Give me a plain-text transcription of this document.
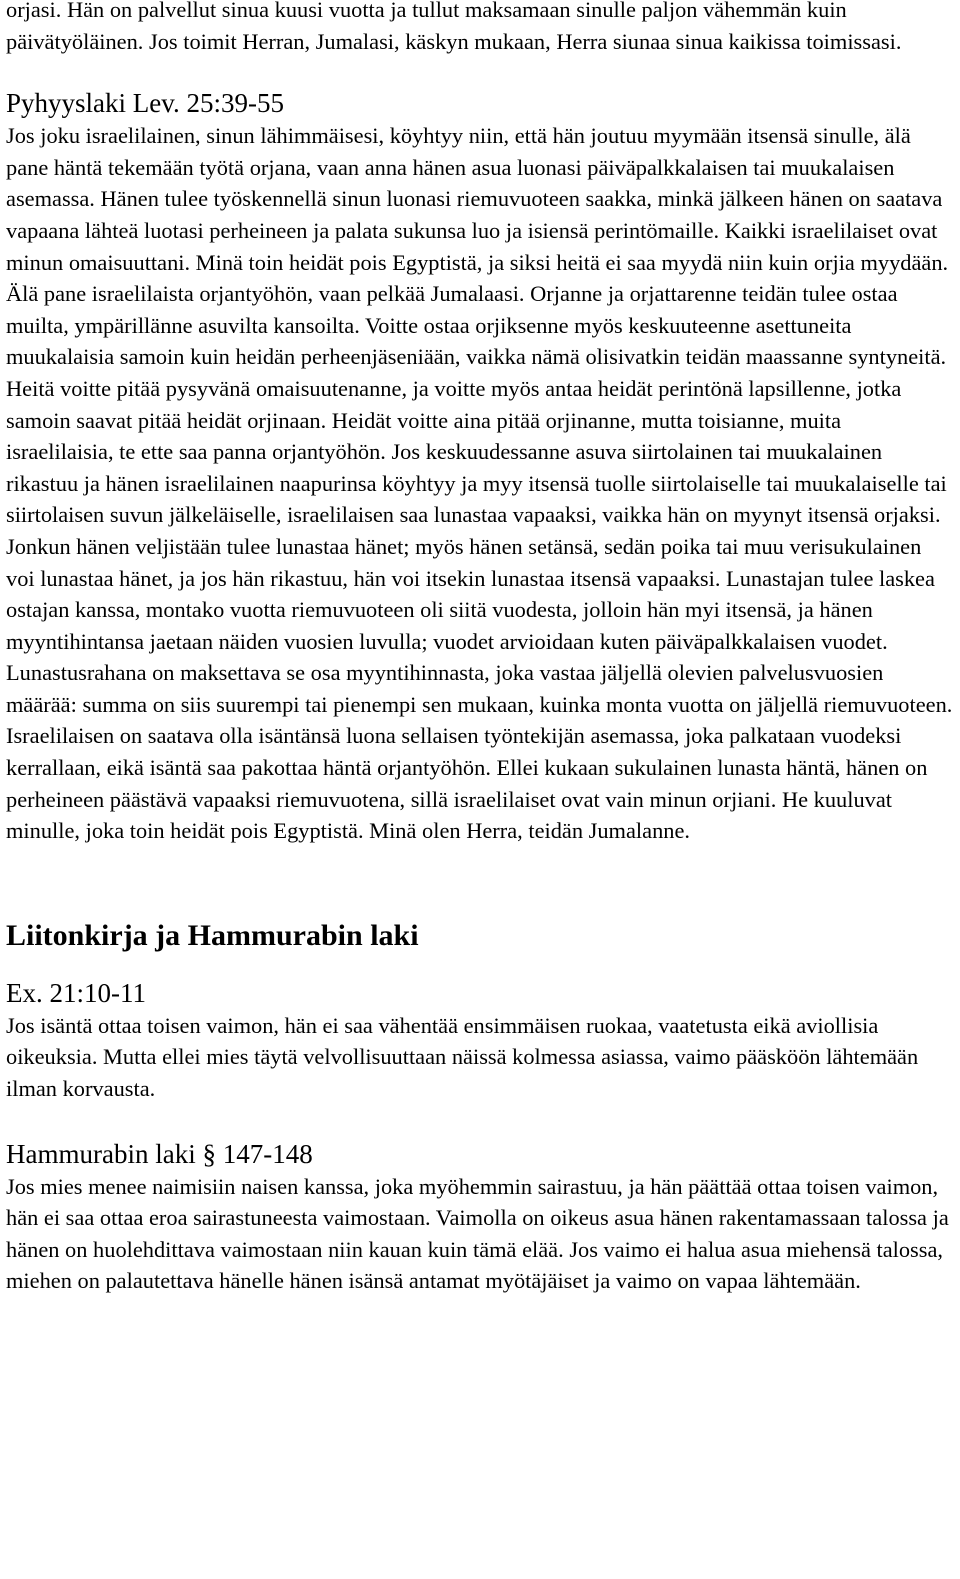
orjasi. Hän on palvellut sinua kuusi vuotta ja tullut maksamaan sinulle paljon vähemmän kuin päivätyöläinen. Jos toimit Herran, Jumalasi, käskyn mukaan, Herra siunaa sinua kaikissa toimissasi.

Pyhyyslaki Lev. 25:39-55

Jos joku israelilainen, sinun lähimmäisesi, köyhtyy niin, että hän joutuu myymään itsensä sinulle, älä pane häntä tekemään työtä orjana, vaan anna hänen asua luonasi päiväpalkkalaisen tai muukalaisen asemassa. Hänen tulee työskennellä sinun luonasi riemuvuoteen saakka, minkä jälkeen hänen on saatava vapaana lähteä luotasi perheineen ja palata sukunsa luo ja isiensä perintömaille. Kaikki israelilaiset ovat minun omaisuuttani. Minä toin heidät pois Egyptistä, ja siksi heitä ei saa myydä niin kuin orjia myydään. Älä pane israelilaista orjantyöhön, vaan pelkää Jumalaasi. Orjanne ja orjattarenne teidän tulee ostaa muilta, ympärillänne asuvilta kansoilta. Voitte ostaa orjiksenne myös keskuuteenne asettuneita muukalaisia samoin kuin heidän perheenjäseniään, vaikka nämä olisivatkin teidän maassanne syntyneitä. Heitä voitte pitää pysyvänä omaisuutenanne, ja voitte myös antaa heidät perintönä lapsillenne, jotka samoin saavat pitää heidät orjinaan. Heidät voitte aina pitää orjinanne, mutta toisianne, muita israelilaisia, te ette saa panna orjantyöhön. Jos keskuudessanne asuva siirtolainen tai muukalainen rikastuu ja hänen israelilainen naapurinsa köyhtyy ja myy itsensä tuolle siirtolaiselle tai muukalaiselle tai siirtolaisen suvun jälkeläiselle, israelilaisen saa lunastaa vapaaksi, vaikka hän on myynyt itsensä orjaksi. Jonkun hänen veljistään tulee lunastaa hänet; myös hänen setänsä, sedän poika tai muu verisukulainen voi lunastaa hänet, ja jos hän rikastuu, hän voi itsekin lunastaa itsensä vapaaksi. Lunastajan tulee laskea ostajan kanssa, montako vuotta riemuvuoteen oli siitä vuodesta, jolloin hän myi itsensä, ja hänen myyntihintansa jaetaan näiden vuosien luvulla; vuodet arvioidaan kuten päiväpalkkalaisen vuodet. Lunastusrahana on maksettava se osa myyntihinnasta, joka vastaa jäljellä olevien palvelusvuosien määrää: summa on siis suurempi tai pienempi sen mukaan, kuinka monta vuotta on jäljellä riemuvuoteen. Israelilaisen on saatava olla isäntänsä luona sellaisen työntekijän asemassa, joka palkataan vuodeksi kerrallaan, eikä isäntä saa pakottaa häntä orjantyöhön. Ellei kukaan sukulainen lunasta häntä, hänen on perheineen päästävä vapaaksi riemuvuotena, sillä israelilaiset ovat vain minun orjiani. He kuuluvat minulle, joka toin heidät pois Egyptistä. Minä olen Herra, teidän Jumalanne.

Liitonkirja ja Hammurabin laki

Ex. 21:10-11

Jos isäntä ottaa toisen vaimon, hän ei saa vähentää ensimmäisen ruokaa, vaatetusta eikä aviollisia oikeuksia. Mutta ellei mies täytä velvollisuuttaan näissä kolmessa asiassa, vaimo pääsköön lähtemään ilman korvausta.

Hammurabin laki § 147-148

Jos mies menee naimisiin naisen kanssa, joka myöhemmin sairastuu, ja hän päättää ottaa toisen vaimon, hän ei saa ottaa eroa sairastuneesta vaimostaan. Vaimolla on oikeus asua hänen rakentamassaan talossa ja hänen on huolehdittava vaimostaan niin kauan kuin tämä elää. Jos vaimo ei halua asua miehensä talossa, miehen on palautettava hänelle hänen isänsä antamat myötäjäiset ja vaimo on vapaa lähtemään.
